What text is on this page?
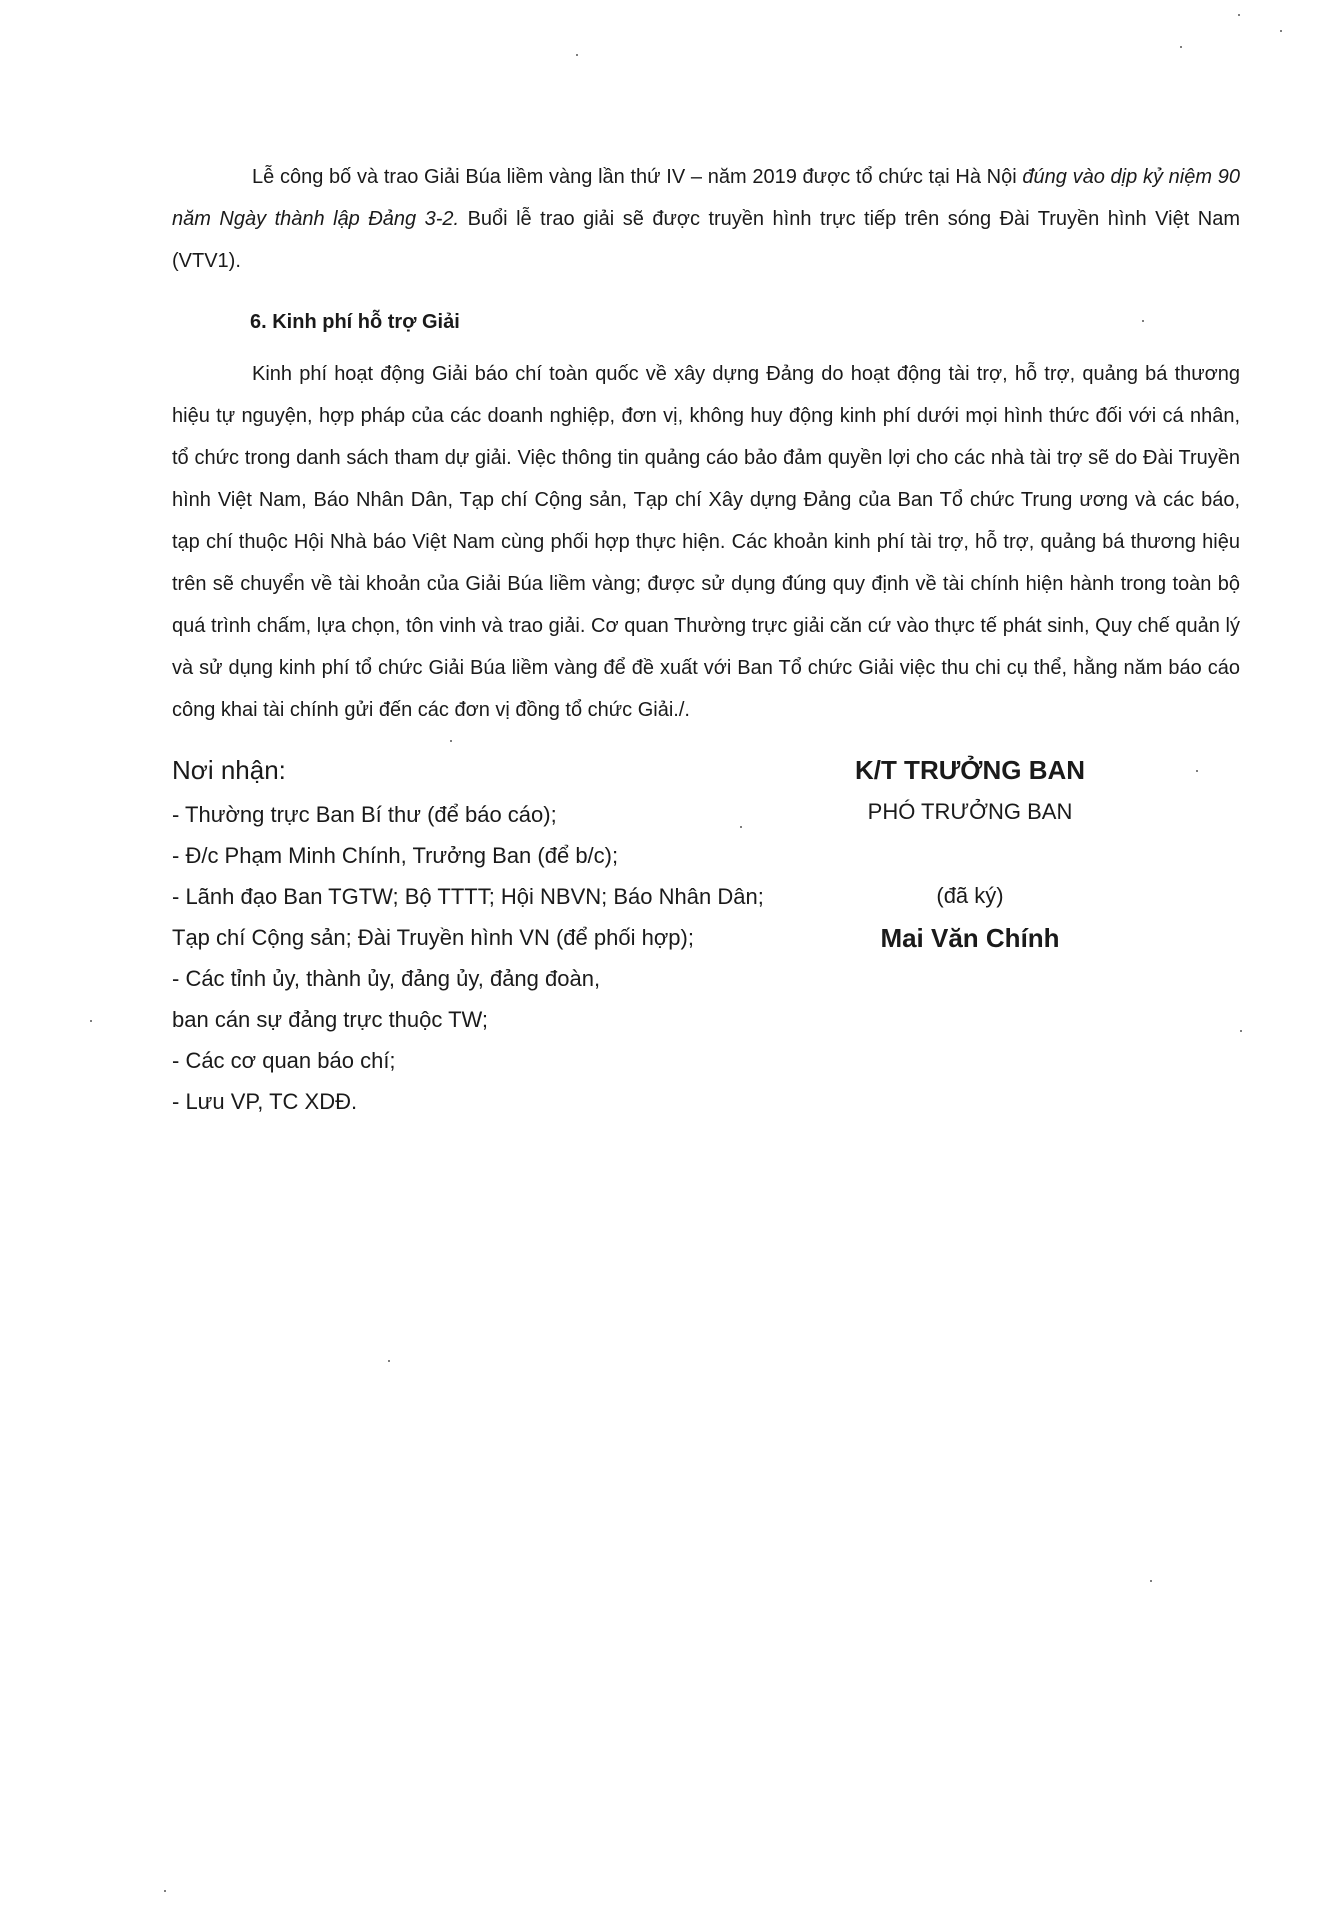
Lễ công bố và trao Giải Búa liềm vàng lần thứ IV – năm 2019 được tổ chức tại Hà Nội đúng vào dịp kỷ niệm 90 năm Ngày thành lập Đảng 3-2. Buổi lễ trao giải sẽ được truyền hình trực tiếp trên sóng Đài Truyền hình Việt Nam (VTV1).
6. Kinh phí hỗ trợ Giải
Kinh phí hoạt động Giải báo chí toàn quốc về xây dựng Đảng do hoạt động tài trợ, hỗ trợ, quảng bá thương hiệu tự nguyện, hợp pháp của các doanh nghiệp, đơn vị, không huy động kinh phí dưới mọi hình thức đối với cá nhân, tổ chức trong danh sách tham dự giải. Việc thông tin quảng cáo bảo đảm quyền lợi cho các nhà tài trợ sẽ do Đài Truyền hình Việt Nam, Báo Nhân Dân, Tạp chí Cộng sản, Tạp chí Xây dựng Đảng của Ban Tổ chức Trung ương và các báo, tạp chí thuộc Hội Nhà báo Việt Nam cùng phối hợp thực hiện. Các khoản kinh phí tài trợ, hỗ trợ, quảng bá thương hiệu trên sẽ chuyển về tài khoản của Giải Búa liềm vàng; được sử dụng đúng quy định về tài chính hiện hành trong toàn bộ quá trình chấm, lựa chọn, tôn vinh và trao giải. Cơ quan Thường trực giải căn cứ vào thực tế phát sinh, Quy chế quản lý và sử dụng kinh phí tổ chức Giải Búa liềm vàng để đề xuất với Ban Tổ chức Giải việc thu chi cụ thể, hằng năm báo cáo công khai tài chính gửi đến các đơn vị đồng tổ chức Giải./.
Nơi nhận:
- Thường trực Ban Bí thư (để báo cáo);
- Đ/c Phạm Minh Chính, Trưởng Ban (để b/c);
- Lãnh đạo Ban TGTW; Bộ TTTT; Hội NBVN; Báo Nhân Dân;
Tạp chí Cộng sản; Đài Truyền hình VN (để phối hợp);
- Các tỉnh ủy, thành ủy, đảng ủy, đảng đoàn,
ban cán sự đảng trực thuộc TW;
- Các cơ quan báo chí;
- Lưu VP, TC XDĐ.
K/T TRƯỞNG BAN
PHÓ TRƯỞNG BAN
(đã ký)
Mai Văn Chính
